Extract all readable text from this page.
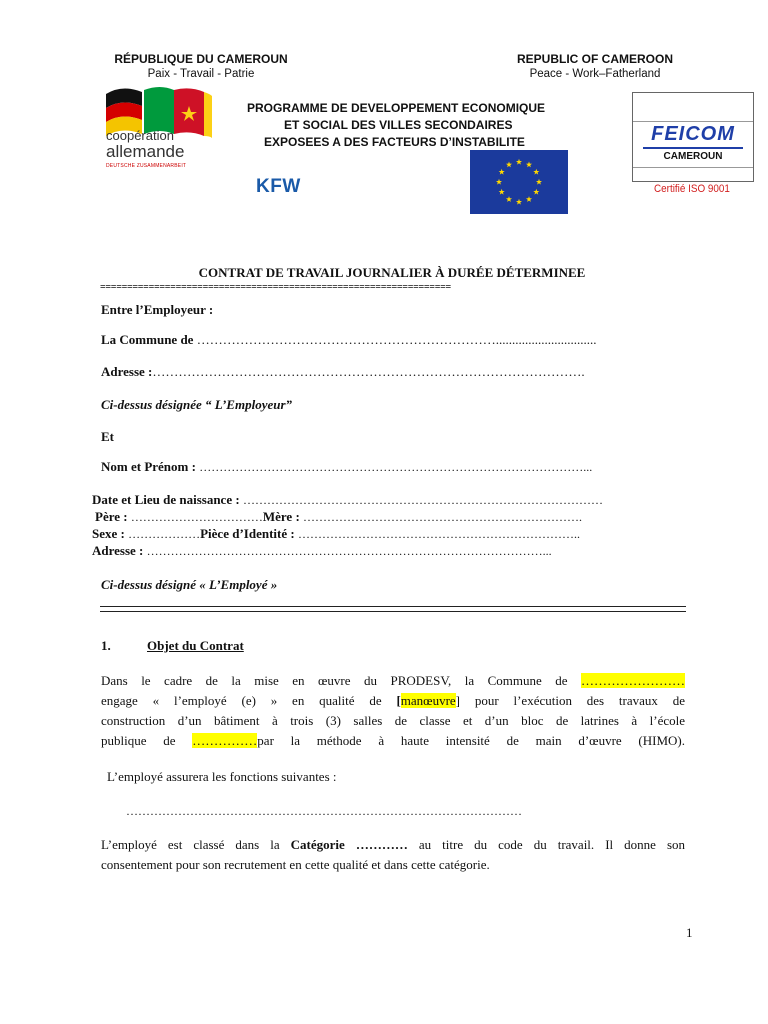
RÉPUBLIQUE DU CAMEROUN
Paix - Travail - Patrie
REPUBLIC OF CAMEROON
Peace - Work–Fatherland
coopération
allemande
DEUTSCHE ZUSAMMENARBEIT
PROGRAMME DE DEVELOPPEMENT ECONOMIQUE
ET SOCIAL DES VILLES SECONDAIRES
EXPOSEES A DES FACTEURS D’INSTABILITE
KFW
FEICOM
CAMEROUN
Certifié ISO 9001
CONTRAT DE TRAVAIL JOURNALIER À DURÉE DÉTERMINEE
=================================================================
Entre l’Employeur :
La Commune de ……………………………………………………………...............................
Adresse :……………………………………………………………………………………….
Ci-dessus désignée “ L’Employeur”
Et
Nom et Prénom : ……………………………………………………………………………………...
Date et Lieu de naissance : ………………………………………………………………………………
Père : ……………………………Mère : …………………………………………………………….
Sexe : ………………Pièce d’Identité : ……………………………………………………………..
Adresse : ………………………………………………………………………………………...
Ci-dessus désigné « L’Employé »
1.	Objet du Contrat
Dans le cadre de la mise en œuvre du PRODESV, la Commune de ……………………
engage « l’employé (e) » en qualité de [manœuvre] pour l’exécution des travaux de
construction d’un bâtiment à trois (3) salles de classe et d’un bloc de latrines à l’école
publique de ……………par la méthode à haute intensité de main d’œuvre (HIMO).
L’employé assurera les fonctions suivantes :
………………………………………………………………………………………
L’employé est classé dans la Catégorie ………… au titre du code du travail. Il donne son
consentement pour son recrutement en cette qualité et dans cette catégorie.
1
